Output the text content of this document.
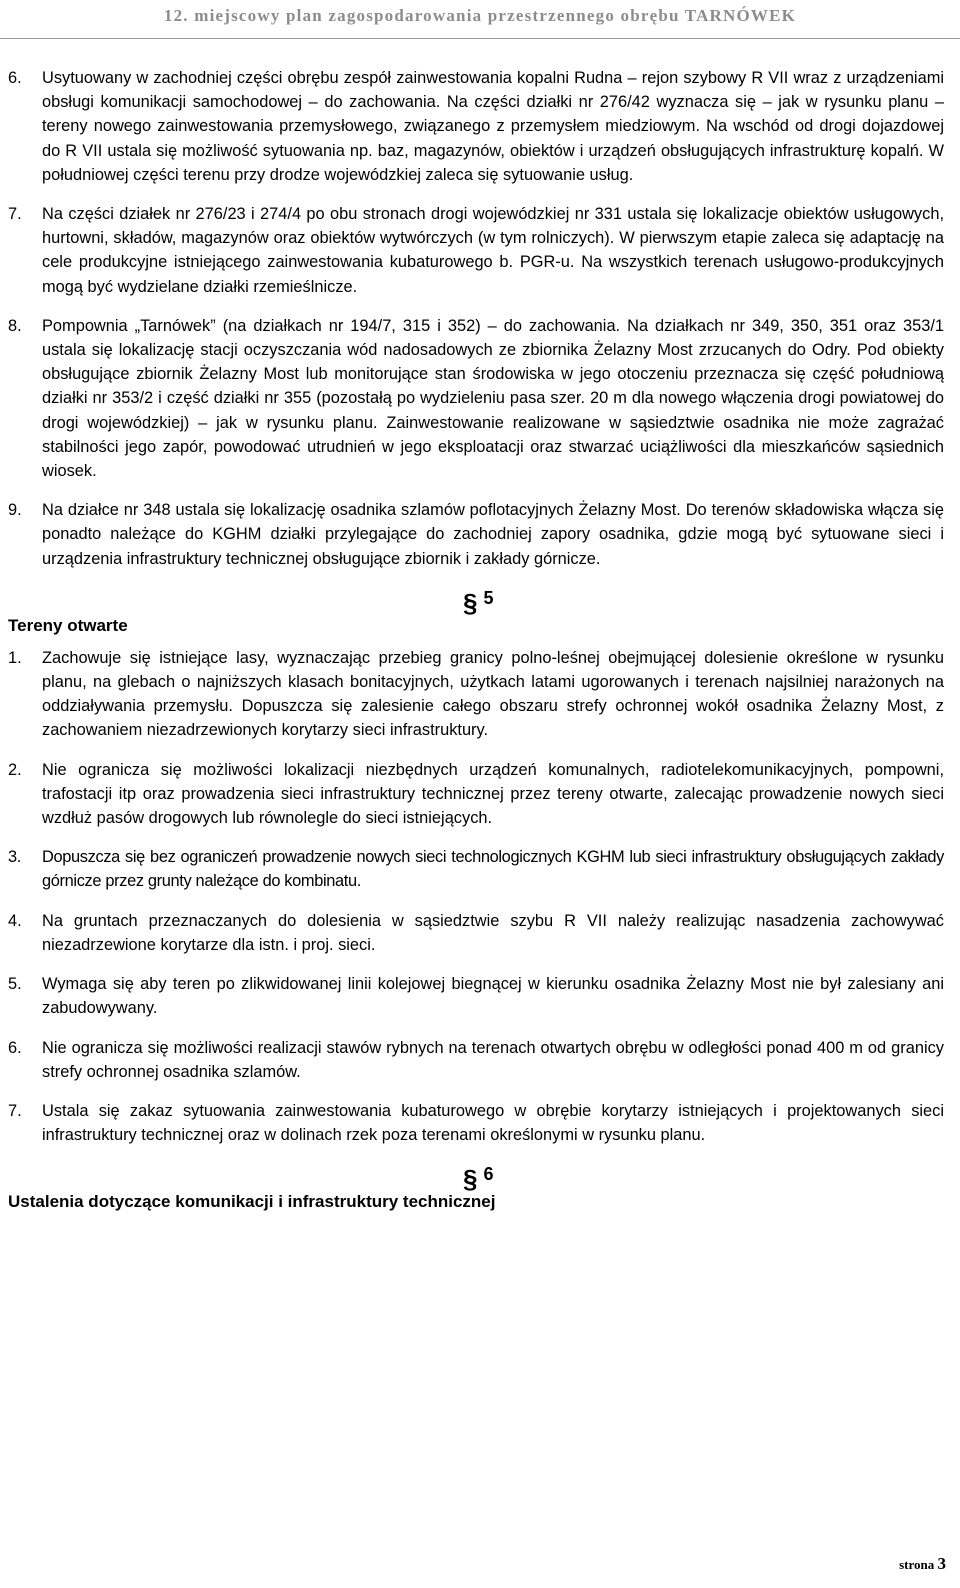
12. miejscowy plan zagospodarowania przestrzennego obrębu TARNÓWEK
6. Usytuowany w zachodniej części obrębu zespół zainwestowania kopalni Rudna – rejon szybowy R VII wraz z urządzeniami obsługi komunikacji samochodowej – do zachowania. Na części działki nr 276/42 wyznacza się – jak w rysunku planu – tereny nowego zainwestowania przemysłowego, związanego z przemysłem miedziowym. Na wschód od drogi dojazdowej do R VII ustala się możliwość sytuowania np. baz, magazynów, obiektów i urządzeń obsługujących infrastrukturę kopalń. W południowej części terenu przy drodze wojewódzkiej zaleca się sytuowanie usług.
7. Na części działek nr 276/23 i 274/4 po obu stronach drogi wojewódzkiej nr 331 ustala się lokalizacje obiektów usługowych, hurtowni, składów, magazynów oraz obiektów wytwórczych (w tym rolniczych). W pierwszym etapie zaleca się adaptację na cele produkcyjne istniejącego zainwestowania kubaturowego b. PGR-u. Na wszystkich terenach usługowo-produkcyjnych mogą być wydzielane działki rzemieślnicze.
8. Pompownia „Tarnówek” (na działkach nr 194/7, 315 i 352) – do zachowania. Na działkach nr 349, 350, 351 oraz 353/1 ustala się lokalizację stacji oczyszczania wód nadosadowych ze zbiornika Żelazny Most zrzucanych do Odry. Pod obiekty obsługujące zbiornik Żelazny Most lub monitorujące stan środowiska w jego otoczeniu przeznacza się część południową działki nr 353/2 i część działki nr 355 (pozostałą po wydzieleniu pasa szer. 20 m dla nowego włączenia drogi powiatowej do drogi wojewódzkiej) – jak w rysunku planu. Zainwestowanie realizowane w sąsiedztwie osadnika nie może zagrażać stabilności jego zapór, powodować utrudnień w jego eksploatacji oraz stwarzać uciążliwości dla mieszkańców sąsiednich wiosek.
9. Na działce nr 348 ustala się lokalizację osadnika szlamów poflotacyjnych Żelazny Most. Do terenów składowiska włącza się ponadto należące do KGHM działki przylegające do zachodniej zapory osadnika, gdzie mogą być sytuowane sieci i urządzenia infrastruktury technicznej obsługujące zbiornik i zakłady górnicze.
§ 5
Tereny otwarte
1. Zachowuje się istniejące lasy, wyznaczając przebieg granicy polno-leśnej obejmującej dolesienie określone w rysunku planu, na glebach o najniższych klasach bonitacyjnych, użytkach latami ugorowanych i terenach najsilniej narażonych na oddziaływania przemysłu. Dopuszcza się zalesienie całego obszaru strefy ochronnej wokół osadnika Żelazny Most, z zachowaniem niezadrzewionych korytarzy sieci infrastruktury.
2. Nie ogranicza się możliwości lokalizacji niezbędnych urządzeń komunalnych, radiotelekomunikacyjnych, pompowni, trafostacji itp oraz prowadzenia sieci infrastruktury technicznej przez tereny otwarte, zalecając prowadzenie nowych sieci wzdłuż pasów drogowych lub równolegle do sieci istniejących.
3. Dopuszcza się bez ograniczeń prowadzenie nowych sieci technologicznych KGHM lub sieci infrastruktury obsługujących zakłady górnicze przez grunty należące do kombinatu.
4. Na gruntach przeznaczanych do dolesienia w sąsiedztwie szybu R VII należy realizując nasadzenia zachowywać niezadrzewione korytarze dla istn. i proj. sieci.
5. Wymaga się aby teren po zlikwidowanej linii kolejowej biegnącej w kierunku osadnika Żelazny Most nie był zalesiany ani zabudowywany.
6. Nie ogranicza się możliwości realizacji stawów rybnych na terenach otwartych obrębu w odległości ponad 400 m od granicy strefy ochronnej osadnika szlamów.
7. Ustala się zakaz sytuowania zainwestowania kubaturowego w obrębie korytarzy istniejących i projektowanych sieci infrastruktury technicznej oraz w dolinach rzek poza terenami określonymi w rysunku planu.
§ 6
Ustalenia dotyczące komunikacji i infrastruktury technicznej
strona 3
